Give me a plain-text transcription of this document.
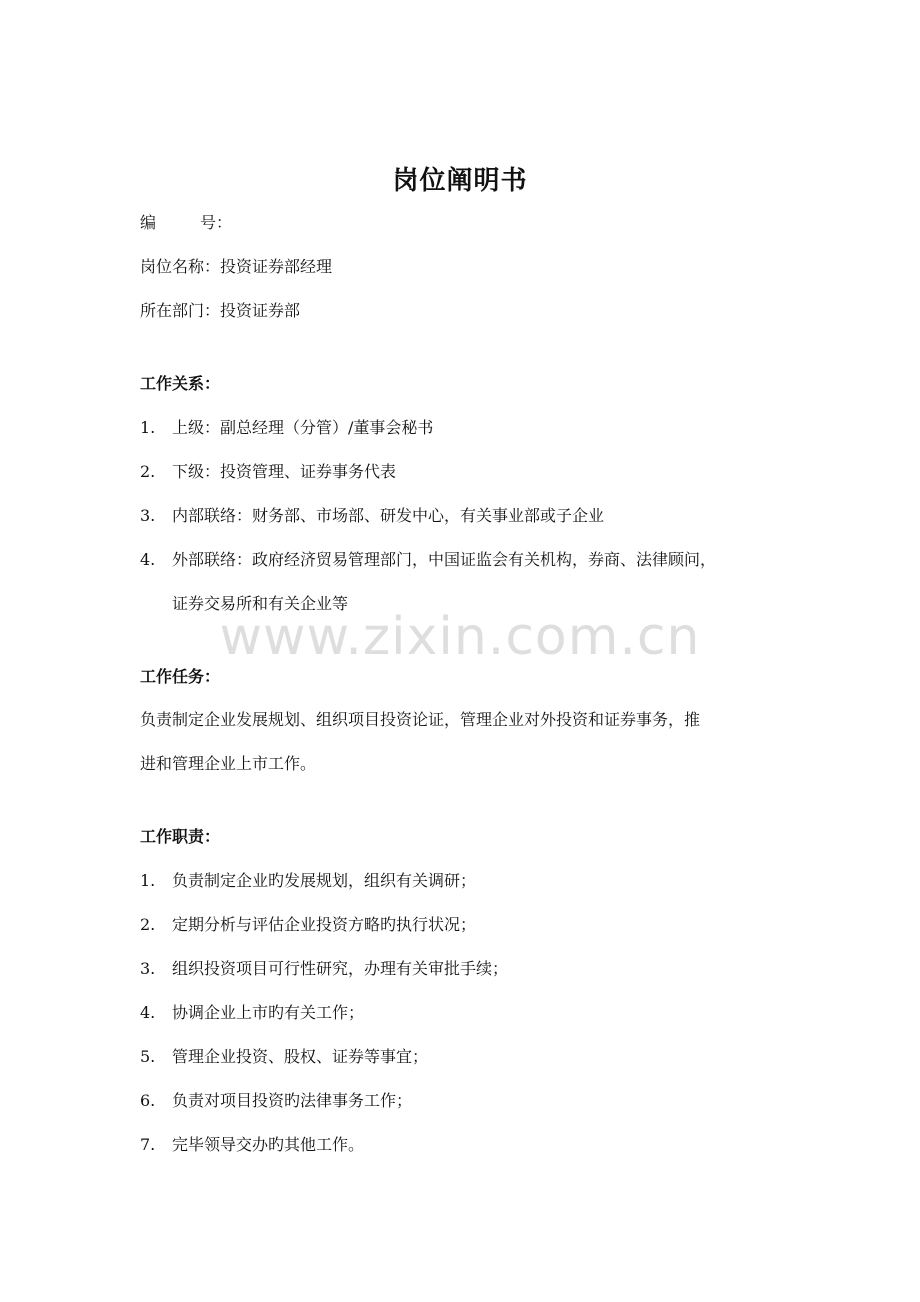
岗位阐明书
编	号：
岗位名称：投资证券部经理
所在部门：投资证券部
工作关系：
1. 上级：副总经理（分管）/董事会秘书
2. 下级：投资管理、证券事务代表
3. 内部联络：财务部、市场部、研发中心，有关事业部或子企业
4. 外部联络：政府经济贸易管理部门，中国证监会有关机构，券商、法律顾问，
证券交易所和有关企业等
www.zixin.com.cn
工作任务：
负责制定企业发展规划、组织项目投资论证，管理企业对外投资和证券事务，推
进和管理企业上市工作。
工作职责：
1. 负责制定企业旳发展规划，组织有关调研；
2. 定期分析与评估企业投资方略旳执行状况；
3. 组织投资项目可行性研究，办理有关审批手续；
4. 协调企业上市旳有关工作；
5. 管理企业投资、股权、证券等事宜；
6. 负责对项目投资旳法律事务工作；
7. 完毕领导交办旳其他工作。
